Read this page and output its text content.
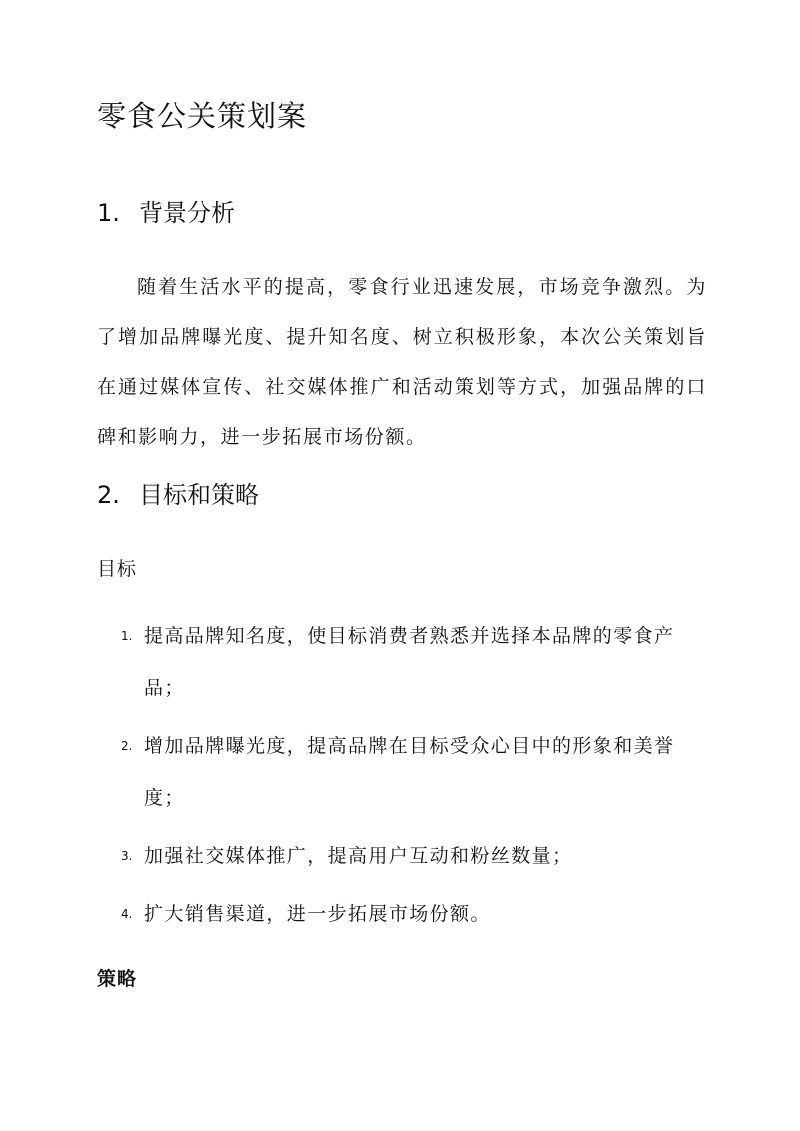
零食公关策划案
1. 背景分析

随着生活水平的提高，零食行业迅速发展，市场竞争激烈。为了增加品牌曝光度、提升知名度、树立积极形象，本次公关策划旨在通过媒体宣传、社交媒体推广和活动策划等方式，加强品牌的口碑和影响力，进一步拓展市场份额。

2. 目标和策略
目标
1. 提高品牌知名度，使目标消费者熟悉并选择本品牌的零食产品；
2. 增加品牌曝光度，提高品牌在目标受众心目中的形象和美誉度；
3. 加强社交媒体推广，提高用户互动和粉丝数量；
4. 扩大销售渠道，进一步拓展市场份额。
策略
